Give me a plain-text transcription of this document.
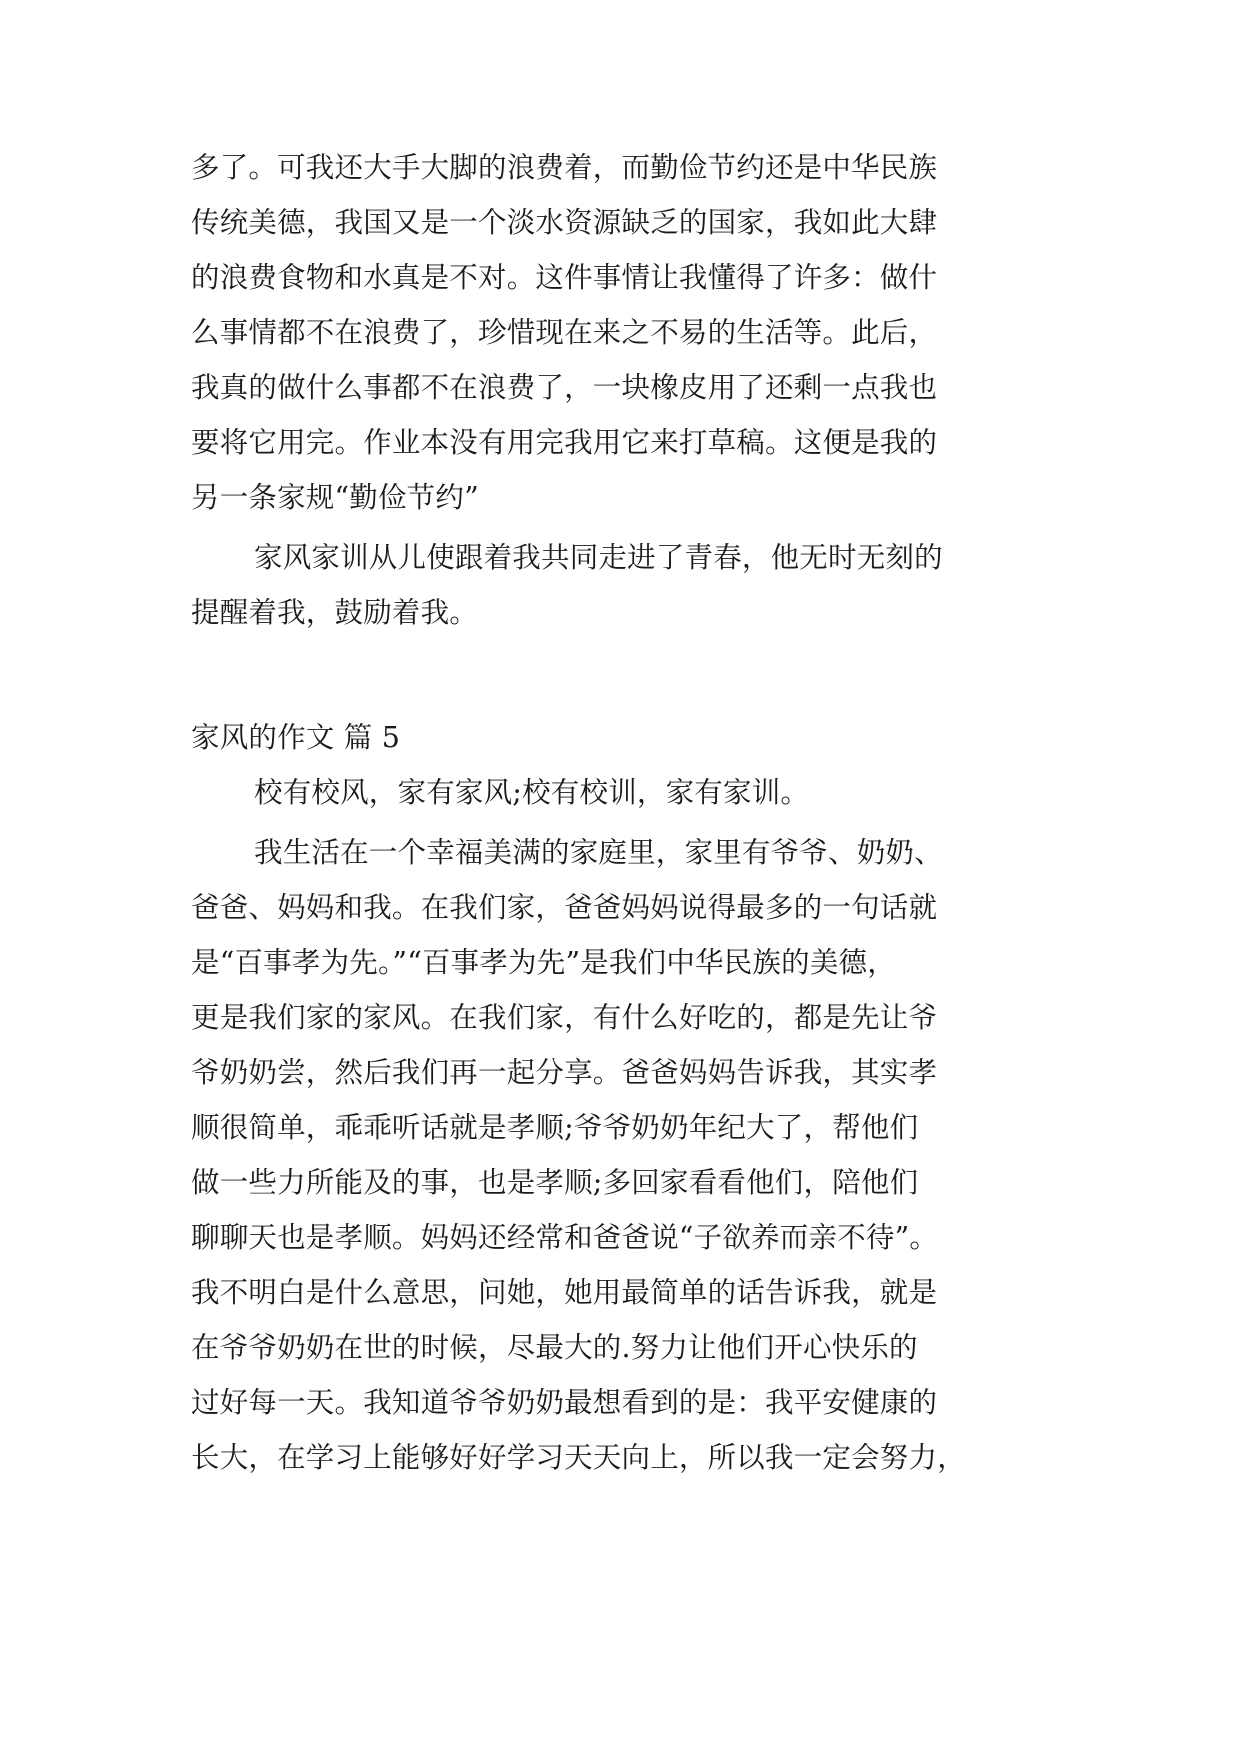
多了。可我还大手大脚的浪费着，而勤俭节约还是中华民族
传统美德，我国又是一个淡水资源缺乏的国家，我如此大肆
的浪费食物和水真是不对。这件事情让我懂得了许多：做什
么事情都不在浪费了，珍惜现在来之不易的生活等。此后，
我真的做什么事都不在浪费了，一块橡皮用了还剩一点我也
要将它用完。作业本没有用完我用它来打草稿。这便是我的
另一条家规“勤俭节约”
家风家训从儿使跟着我共同走进了青春，他无时无刻的
提醒着我，鼓励着我。
家风的作文 篇 5
校有校风，家有家风;校有校训，家有家训。
我生活在一个幸福美满的家庭里，家里有爷爷、奶奶、
爸爸、妈妈和我。在我们家，爸爸妈妈说得最多的一句话就
是“百事孝为先。”“百事孝为先”是我们中华民族的美德，
更是我们家的家风。在我们家，有什么好吃的，都是先让爷
爷奶奶尝，然后我们再一起分享。爸爸妈妈告诉我，其实孝
顺很简单，乖乖听话就是孝顺;爷爷奶奶年纪大了，帮他们
做一些力所能及的事，也是孝顺;多回家看看他们，陪他们
聊聊天也是孝顺。妈妈还经常和爸爸说“子欲养而亲不待”。
我不明白是什么意思，问她，她用最简单的话告诉我，就是
在爷爷奶奶在世的时候，尽最大的.努力让他们开心快乐的
过好每一天。我知道爷爷奶奶最想看到的是：我平安健康的
长大，在学习上能够好好学习天天向上，所以我一定会努力，
